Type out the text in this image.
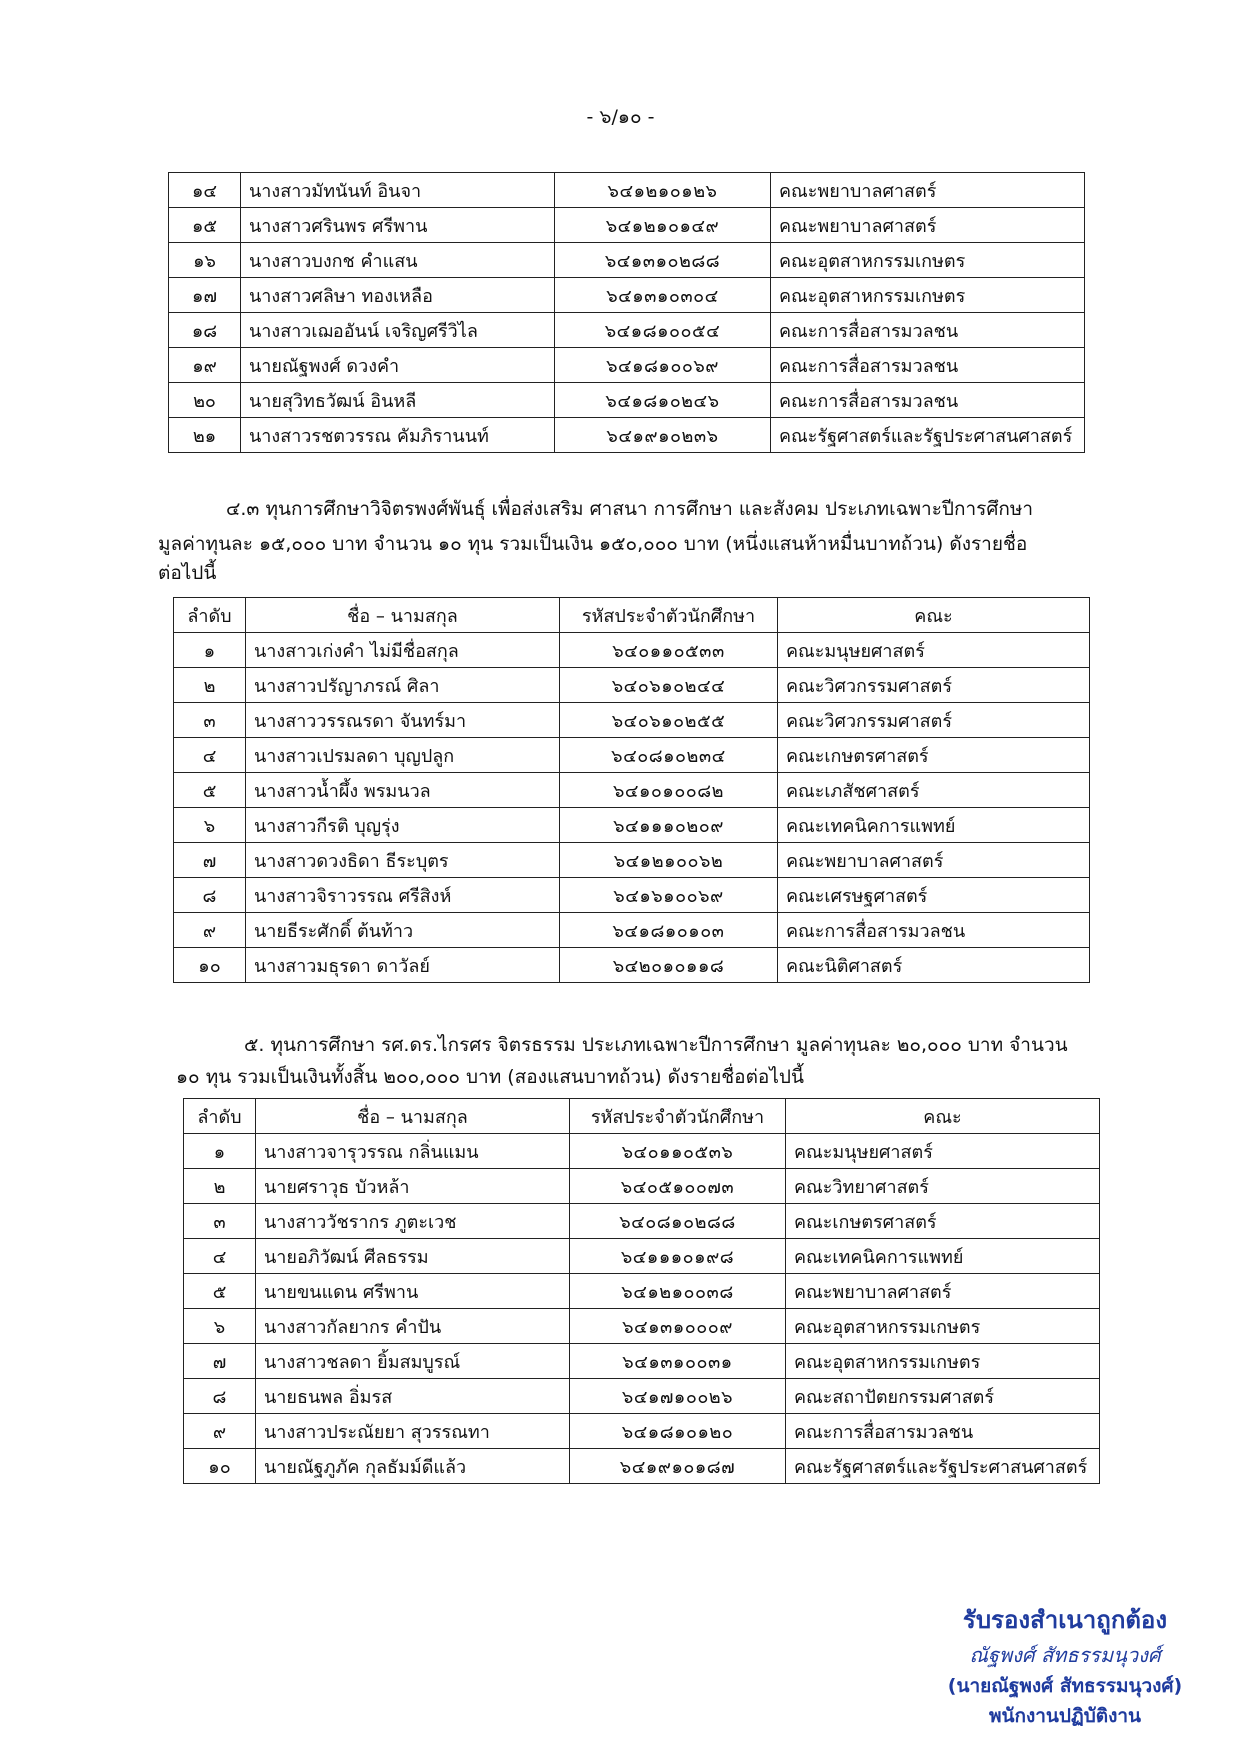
- ๖/๑๐ -
๑๔	นางสาวมัทนันท์ อินจา	๖๔๑๒๑๐๑๒๖	คณะพยาบาลศาสตร์
๑๕	นางสาวศรินพร ศรีพาน	๖๔๑๒๑๐๑๔๙	คณะพยาบาลศาสตร์
๑๖	นางสาวบงกช คำแสน	๖๔๑๓๑๐๒๘๘	คณะอุตสาหกรรมเกษตร
๑๗	นางสาวศลิษา ทองเหลือ	๖๔๑๓๑๐๓๐๔	คณะอุตสาหกรรมเกษตร
๑๘	นางสาวเฌออันน์ เจริญศรีวิไล	๖๔๑๘๑๐๐๕๔	คณะการสื่อสารมวลชน
๑๙	นายณัฐพงศ์ ดวงคำ	๖๔๑๘๑๐๐๖๙	คณะการสื่อสารมวลชน
๒๐	นายสุวิทธวัฒน์ อินหลี	๖๔๑๘๑๐๒๔๖	คณะการสื่อสารมวลชน
๒๑	นางสาวรชตวรรณ คัมภิรานนท์	๖๔๑๙๑๐๒๓๖	คณะรัฐศาสตร์และรัฐประศาสนศาสตร์

๔.๓ ทุนการศึกษาวิจิตรพงศ์พันธุ์ เพื่อส่งเสริม ศาสนา การศึกษา และสังคม ประเภทเฉพาะปีการศึกษา

มูลค่าทุนละ ๑๕,๐๐๐ บาท จำนวน ๑๐ ทุน รวมเป็นเงิน ๑๕๐,๐๐๐ บาท (หนึ่งแสนห้าหมื่นบาทถ้วน) ดังรายชื่อ

ต่อไปนี้

ลำดับ	ชื่อ – นามสกุล	รหัสประจำตัวนักศึกษา	คณะ
๑	นางสาวเก่งคำ ไม่มีชื่อสกุล	๖๔๐๑๑๐๕๓๓	คณะมนุษยศาสตร์
๒	นางสาวปรัญาภรณ์ ศิลา	๖๔๐๖๑๐๒๔๔	คณะวิศวกรรมศาสตร์
๓	นางสาววรรณรดา จันทร์มา	๖๔๐๖๑๐๒๕๕	คณะวิศวกรรมศาสตร์
๔	นางสาวเปรมลดา บุญปลูก	๖๔๐๘๑๐๒๓๔	คณะเกษตรศาสตร์
๕	นางสาวน้ำผึ้ง พรมนวล	๖๔๑๐๑๐๐๘๒	คณะเภสัชศาสตร์
๖	นางสาวกีรติ บุญรุ่ง	๖๔๑๑๑๐๒๐๙	คณะเทคนิคการแพทย์
๗	นางสาวดวงธิดา ธีระบุตร	๖๔๑๒๑๐๐๖๒	คณะพยาบาลศาสตร์
๘	นางสาวจิราวรรณ ศรีสิงห์	๖๔๑๖๑๐๐๖๙	คณะเศรษฐศาสตร์
๙	นายธีระศักดิ์ ต้นท้าว	๖๔๑๘๑๐๑๐๓	คณะการสื่อสารมวลชน
๑๐	นางสาวมธุรดา ดาวัลย์	๖๔๒๐๑๐๑๑๘	คณะนิติศาสตร์

๕. ทุนการศึกษา รศ.ดร.ไกรศร จิตรธรรม ประเภทเฉพาะปีการศึกษา มูลค่าทุนละ ๒๐,๐๐๐ บาท จำนวน

๑๐ ทุน รวมเป็นเงินทั้งสิ้น ๒๐๐,๐๐๐ บาท (สองแสนบาทถ้วน) ดังรายชื่อต่อไปนี้

ลำดับ	ชื่อ – นามสกุล	รหัสประจำตัวนักศึกษา	คณะ
๑	นางสาวจารุวรรณ กลิ่นแมน	๖๔๐๑๑๐๕๓๖	คณะมนุษยศาสตร์
๒	นายศราวุธ บัวหล้า	๖๔๐๕๑๐๐๗๓	คณะวิทยาศาสตร์
๓	นางสาววัชรากร ภูตะเวช	๖๔๐๘๑๐๒๘๘	คณะเกษตรศาสตร์
๔	นายอภิวัฒน์ ศีลธรรม	๖๔๑๑๑๐๑๙๘	คณะเทคนิคการแพทย์
๕	นายขนแดน ศรีพาน	๖๔๑๒๑๐๐๓๘	คณะพยาบาลศาสตร์
๖	นางสาวกัลยากร คำปัน	๖๔๑๓๑๐๐๐๙	คณะอุตสาหกรรมเกษตร
๗	นางสาวชลดา ยิ้มสมบูรณ์	๖๔๑๓๑๐๐๓๑	คณะอุตสาหกรรมเกษตร
๘	นายธนพล อิ่มรส	๖๔๑๗๑๐๐๒๖	คณะสถาปัตยกรรมศาสตร์
๙	นางสาวประณัยยา สุวรรณทา	๖๔๑๘๑๐๑๒๐	คณะการสื่อสารมวลชน
๑๐	นายณัฐภูภัค กุลธัมม์ดีแล้ว	๖๔๑๙๑๐๑๘๗	คณะรัฐศาสตร์และรัฐประศาสนศาสตร์
รับรองสำเนาถูกต้อง
ณัฐพงศ์ สัทธรรมนุวงศ์
(นายณัฐพงศ์ สัทธรรมนุวงศ์)
พนักงานปฏิบัติงาน
